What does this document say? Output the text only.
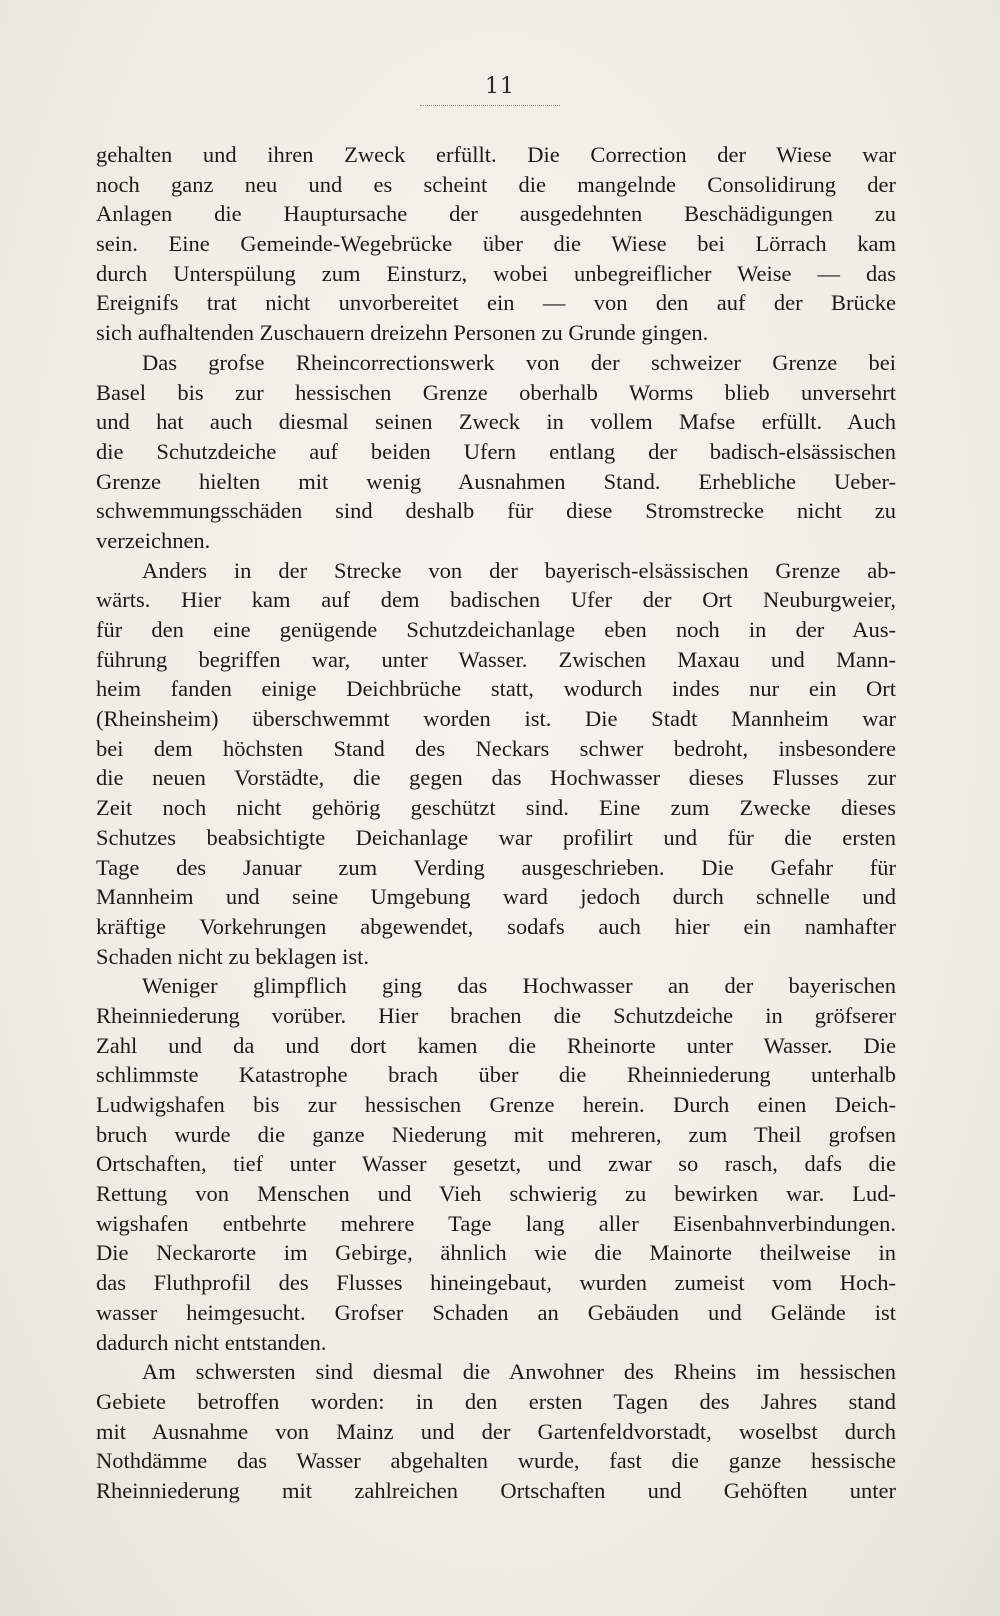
11
gehalten und ihren Zweck erfüllt. Die Correction der Wiese war
noch ganz neu und es scheint die mangelnde Consolidirung der
Anlagen die Hauptursache der ausgedehnten Beschädigungen zu
sein. Eine Gemeinde-Wegebrücke über die Wiese bei Lörrach kam
durch Unterspülung zum Einsturz, wobei unbegreiflicher Weise — das
Ereignifs trat nicht unvorbereitet ein — von den auf der Brücke
sich aufhaltenden Zuschauern dreizehn Personen zu Grunde gingen.
Das grofse Rheincorrectionswerk von der schweizer Grenze bei
Basel bis zur hessischen Grenze oberhalb Worms blieb unversehrt
und hat auch diesmal seinen Zweck in vollem Mafse erfüllt. Auch
die Schutzdeiche auf beiden Ufern entlang der badisch-elsässischen
Grenze hielten mit wenig Ausnahmen Stand. Erhebliche Ueber-
schwemmungsschäden sind deshalb für diese Stromstrecke nicht zu
verzeichnen.
Anders in der Strecke von der bayerisch-elsässischen Grenze ab-
wärts. Hier kam auf dem badischen Ufer der Ort Neuburgweier,
für den eine genügende Schutzdeichanlage eben noch in der Aus-
führung begriffen war, unter Wasser. Zwischen Maxau und Mann-
heim fanden einige Deichbrüche statt, wodurch indes nur ein Ort
(Rheinsheim) überschwemmt worden ist. Die Stadt Mannheim war
bei dem höchsten Stand des Neckars schwer bedroht, insbesondere
die neuen Vorstädte, die gegen das Hochwasser dieses Flusses zur
Zeit noch nicht gehörig geschützt sind. Eine zum Zwecke dieses
Schutzes beabsichtigte Deichanlage war profilirt und für die ersten
Tage des Januar zum Verding ausgeschrieben. Die Gefahr für
Mannheim und seine Umgebung ward jedoch durch schnelle und
kräftige Vorkehrungen abgewendet, sodafs auch hier ein namhafter
Schaden nicht zu beklagen ist.
Weniger glimpflich ging das Hochwasser an der bayerischen
Rheinniederung vorüber. Hier brachen die Schutzdeiche in gröfserer
Zahl und da und dort kamen die Rheinorte unter Wasser. Die
schlimmste Katastrophe brach über die Rheinniederung unterhalb
Ludwigshafen bis zur hessischen Grenze herein. Durch einen Deich-
bruch wurde die ganze Niederung mit mehreren, zum Theil grofsen
Ortschaften, tief unter Wasser gesetzt, und zwar so rasch, dafs die
Rettung von Menschen und Vieh schwierig zu bewirken war. Lud-
wigshafen entbehrte mehrere Tage lang aller Eisenbahnverbindungen.
Die Neckarorte im Gebirge, ähnlich wie die Mainorte theilweise in
das Fluthprofil des Flusses hineingebaut, wurden zumeist vom Hoch-
wasser heimgesucht. Grofser Schaden an Gebäuden und Gelände ist
dadurch nicht entstanden.
Am schwersten sind diesmal die Anwohner des Rheins im hessischen
Gebiete betroffen worden: in den ersten Tagen des Jahres stand
mit Ausnahme von Mainz und der Gartenfeldvorstadt, woselbst durch
Nothdämme das Wasser abgehalten wurde, fast die ganze hessische
Rheinniederung mit zahlreichen Ortschaften und Gehöften unter
